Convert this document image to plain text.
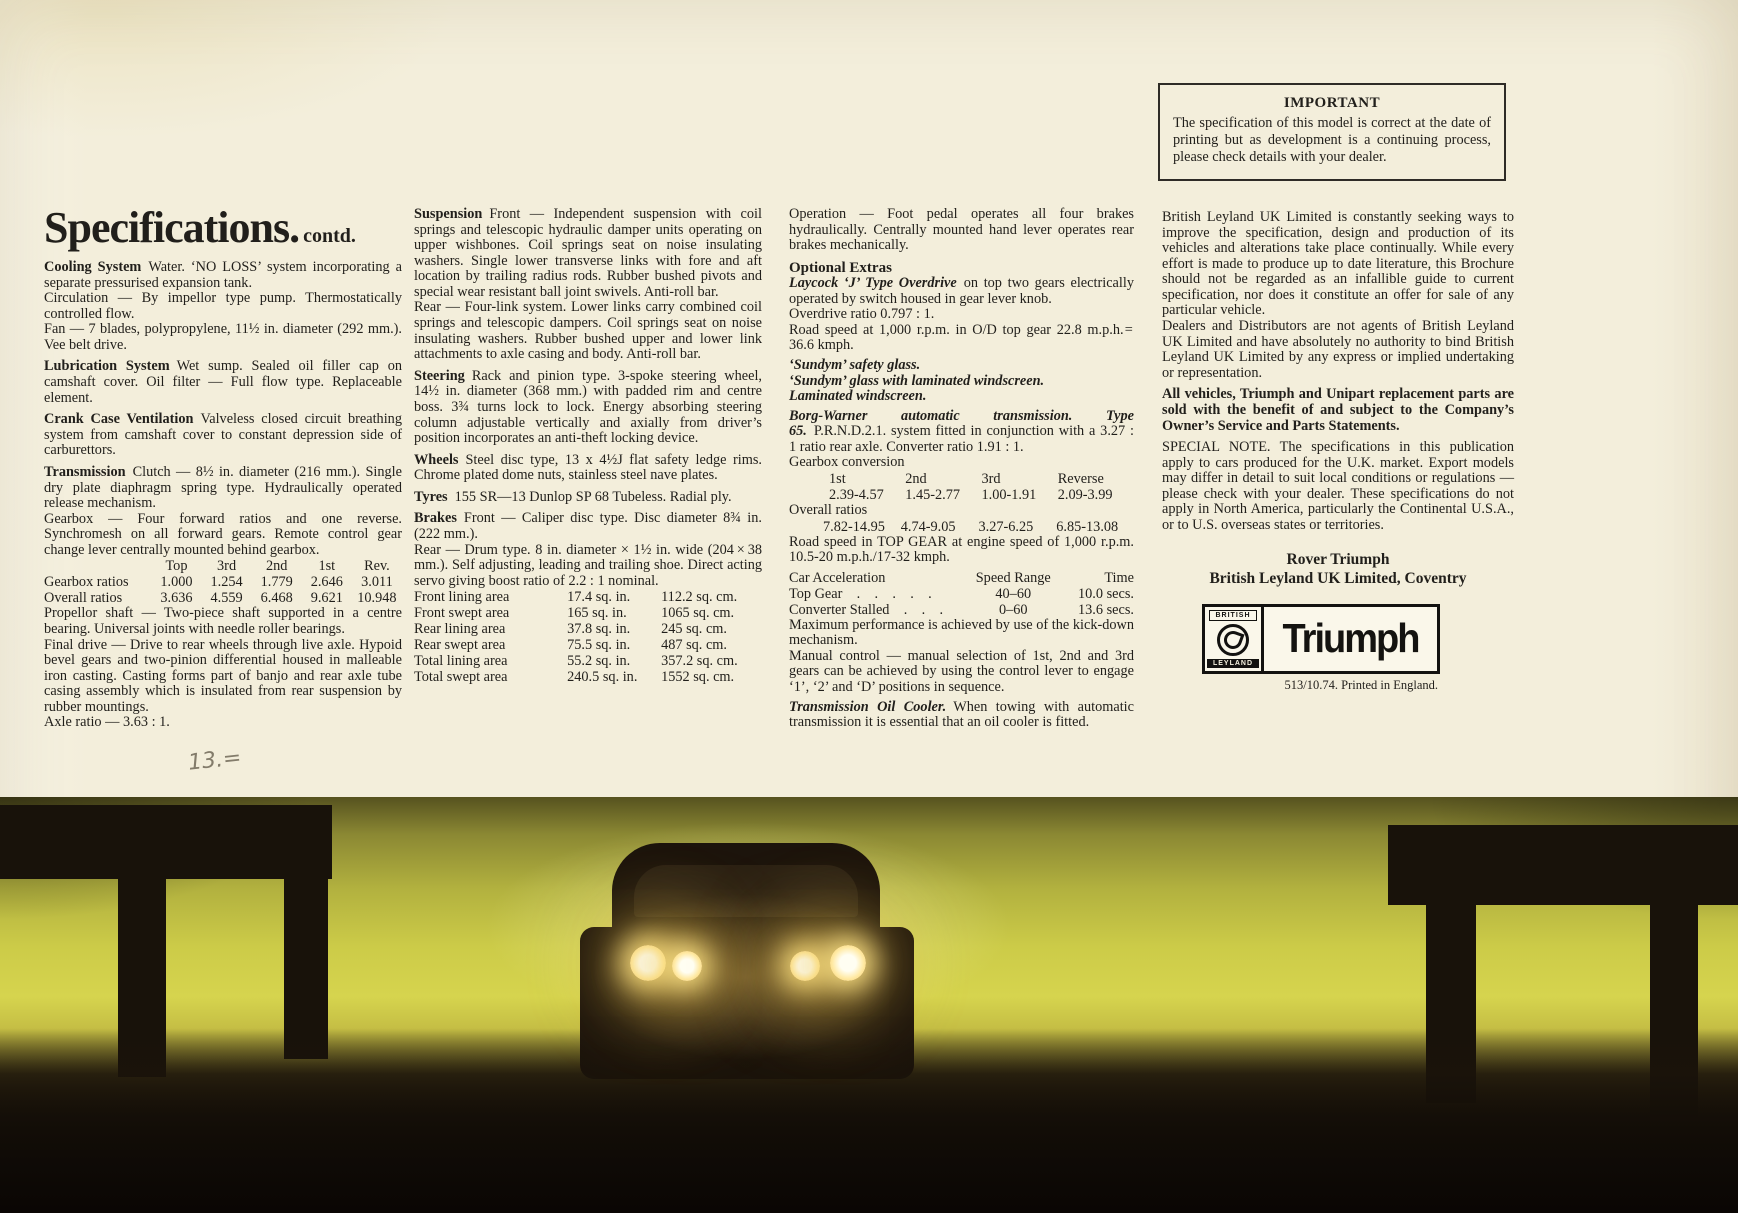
IMPORTANT
The specification of this model is correct at the date of printing but as development is a continuing process, please check details with your dealer.
Specifications. contd.

Cooling System Water. ‘NO LOSS’ system incorporating a separate pressurised expansion tank.

Circulation — By impellor type pump. Thermostatically controlled flow.

Fan — 7 blades, polypropylene, 11½ in. diameter (292 mm.). Vee belt drive.

Lubrication System Wet sump. Sealed oil filler cap on camshaft cover. Oil filter — Full flow type. Replaceable element.

Crank Case Ventilation Valveless closed circuit breathing system from camshaft cover to constant depression side of carburettors.

Transmission Clutch — 8½ in. diameter (216 mm.). Single dry plate diaphragm spring type. Hydraulically operated release mechanism.

Gearbox — Four forward ratios and one reverse. Synchromesh on all forward gears. Remote control gear change lever centrally mounted behind gearbox.

	Top	3rd	2nd	1st	Rev.
Gearbox ratios	1.000	1.254	1.779	2.646	3.011
Overall ratios	3.636	4.559	6.468	9.621	10.948

Propellor shaft — Two-piece shaft supported in a centre bearing. Universal joints with needle roller bearings.

Final drive — Drive to rear wheels through live axle. Hypoid bevel gears and two-pinion differential housed in malleable iron casting. Casting forms part of banjo and rear axle tube casing assembly which is insulated from rear suspension by rubber mountings.

Axle ratio — 3.63 : 1.

13.=

Suspension Front — Independent suspension with coil springs and telescopic hydraulic damper units operating on upper wishbones. Coil springs seat on noise insulating washers. Single lower transverse links with fore and aft location by trailing radius rods. Rubber bushed pivots and special wear resistant ball joint swivels. Anti-roll bar.

Rear — Four-link system. Lower links carry combined coil springs and telescopic dampers. Coil springs seat on noise insulating washers. Rubber bushed upper and lower link attachments to axle casing and body. Anti-roll bar.

Steering Rack and pinion type. 3-spoke steering wheel, 14½ in. diameter (368 mm.) with padded rim and centre boss. 3¾ turns lock to lock. Energy absorbing steering column adjustable vertically and axially from driver’s position incorporates an anti-theft locking device.

Wheels Steel disc type, 13 x 4½J flat safety ledge rims. Chrome plated dome nuts, stainless steel nave plates.

Tyres 155 SR—13 Dunlop SP 68 Tubeless. Radial ply.

Brakes Front — Caliper disc type. Disc diameter 8¾ in. (222 mm.).

Rear — Drum type. 8 in. diameter × 1½ in. wide (204 × 38 mm.). Self adjusting, leading and trailing shoe. Direct acting servo giving boost ratio of 2.2 : 1 nominal.

Front lining area	17.4 sq. in.	112.2 sq. cm.
Front swept area	165 sq. in.	1065 sq. cm.
Rear lining area	37.8 sq. in.	245 sq. cm.
Rear swept area	75.5 sq. in.	487 sq. cm.
Total lining area	55.2 sq. in.	357.2 sq. cm.
Total swept area	240.5 sq. in.	1552 sq. cm.

Operation — Foot pedal operates all four brakes hydraulically. Centrally mounted hand lever operates rear brakes mechanically.

Optional Extras

Laycock ‘J’ Type Overdrive on top two gears electrically operated by switch housed in gear lever knob.

Overdrive ratio 0.797 : 1.

Road speed at 1,000 r.p.m. in O/D top gear 22.8 m.p.h. = 36.6 kmph.

‘Sundym’ safety glass.

‘Sundym’ glass with laminated windscreen.

Laminated windscreen.

Borg-Warner automatic transmission. Type 65. P.R.N.D.2.1. system fitted in conjunction with a 3.27 : 1 ratio rear axle. Converter ratio 1.91 : 1.

Gearbox conversion

1st	2nd	3rd	Reverse
2.39-4.57	1.45-2.77	1.00-1.91	2.09-3.99

Overall ratios

7.82-14.95	4.74-9.05	3.27-6.25	6.85-13.08

Road speed in TOP GEAR at engine speed of 1,000 r.p.m. 10.5-20 m.p.h./17-32 kmph.

Car Acceleration	Speed Range	Time
Top Gear  .  .  .  .  .	40–60	10.0 secs.
Converter Stalled  .  .  .	0–60	13.6 secs.

Maximum performance is achieved by use of the kick-down mechanism.

Manual control — manual selection of 1st, 2nd and 3rd gears can be achieved by using the control lever to engage ‘1’, ‘2’ and ‘D’ positions in sequence.

Transmission Oil Cooler. When towing with automatic transmission it is essential that an oil cooler is fitted.

British Leyland UK Limited is constantly seeking ways to improve the specification, design and production of its vehicles and alterations take place continually. While every effort is made to produce up to date literature, this Brochure should not be regarded as an infallible guide to current specification, nor does it constitute an offer for sale of any particular vehicle.

Dealers and Distributors are not agents of British Leyland UK Limited and have absolutely no authority to bind British Leyland UK Limited by any express or implied undertaking or representation.

All vehicles, Triumph and Unipart replacement parts are sold with the benefit of and subject to the Company’s Owner’s Service and Parts Statements.

SPECIAL NOTE. The specifications in this publication apply to cars produced for the U.K. market. Export models may differ in detail to suit local conditions or regulations — please check with your dealer. These specifications do not apply in North America, particularly the Continental U.S.A., or to U.S. overseas states or territories.

Rover Triumph
British Leyland UK Limited, Coventry
BRITISH
LEYLAND
Triumph
513/10.74. Printed in England.
